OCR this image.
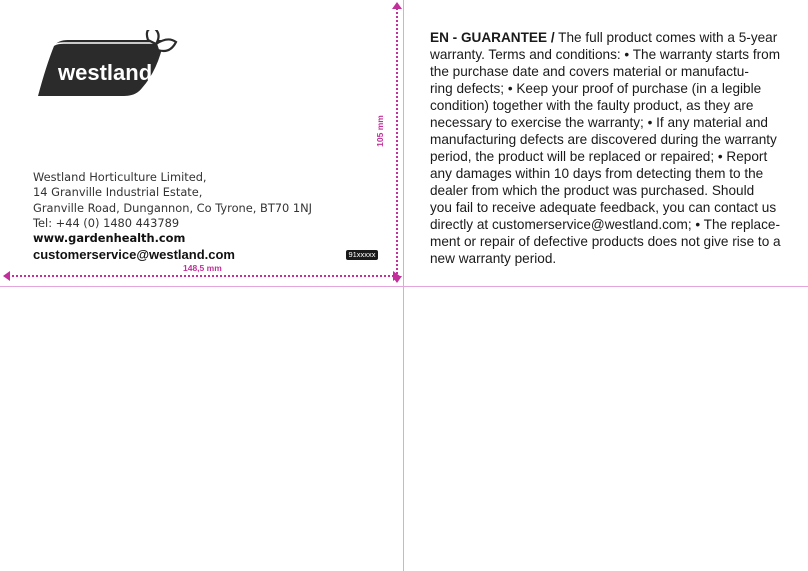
westland
Westland Horticulture Limited,
14 Granville Industrial Estate,
Granville Road, Dungannon, Co Tyrone, BT70 1NJ
Tel: +44 (0) 1480 443789
www.gardenhealth.com
customerservice@westland.com	91xxxxx
148,5 mm
105 mm
EN - GUARANTEE / The full product comes with a 5-year
warranty. Terms and conditions: • The warranty starts from
the purchase date and covers material or manufactu-
ring defects; • Keep your proof of purchase (in a legible
condition) together with the faulty product, as they are
necessary to exercise the warranty; • If any material and
manufacturing defects are discovered during the warranty
period, the product will be replaced or repaired; • Report
any damages within 10 days from detecting them to the
dealer from which the product was purchased. Should
you fail to receive adequate feedback, you can contact us
directly at customerservice@westland.com; • The replace-
ment or repair of defective products does not give rise to a
new warranty period.
